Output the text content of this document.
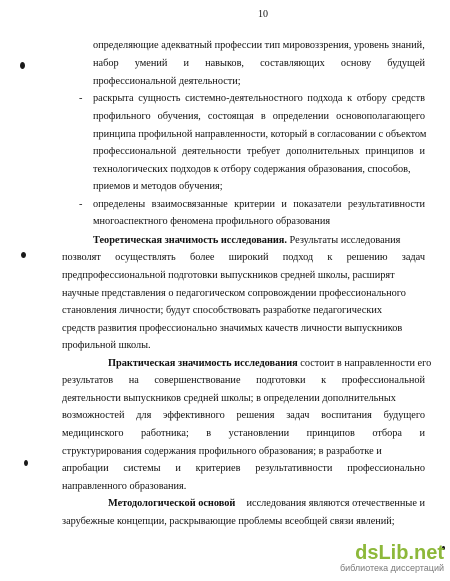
10
определяющие адекватный профессии тип мировоззрения, уровень знаний,
набор умений и навыков, составляющих основу будущей
профессиональной деятельности;
- раскрыта сущность системно-деятельностного подхода к отбору средств
профильного обучения, состоящая в определении основополагающего
принципа профильной направленности, который в согласовании с объектом
профессиональной деятельности требует дополнительных принципов и
технологических подходов к отбору содержания образования, способов,
приемов и методов обучения;
- определены взаимосвязанные критерии и показатели результативности
многоаспектного феномена профильного образования
Теоретическая значимость исследования. Результаты исследования
позволят осуществлять более широкий подход к решению задач
предпрофессиональной подготовки выпускников средней школы, расширят
научные представления о педагогическом сопровождении профессионального
становления личности; будут способствовать разработке педагогических
средств развития профессионально значимых качеств личности выпускников
профильной школы.
Практическая значимость исследования состоит в направленности его
результатов на совершенствование подготовки к профессиональной
деятельности выпускников средней школы; в определении дополнительных
возможностей для эффективного решения задач воспитания будущего
медицинского работника; в установлении принципов отбора и
структурирования содержания профильного образования; в разработке и
апробации системы и критериев результативности профессионально
направленного образования.
Методологической основой исследования являются отечественные и
зарубежные концепции, раскрывающие проблемы всеобщей связи явлений;
dsLib.net
библиотека диссертаций
